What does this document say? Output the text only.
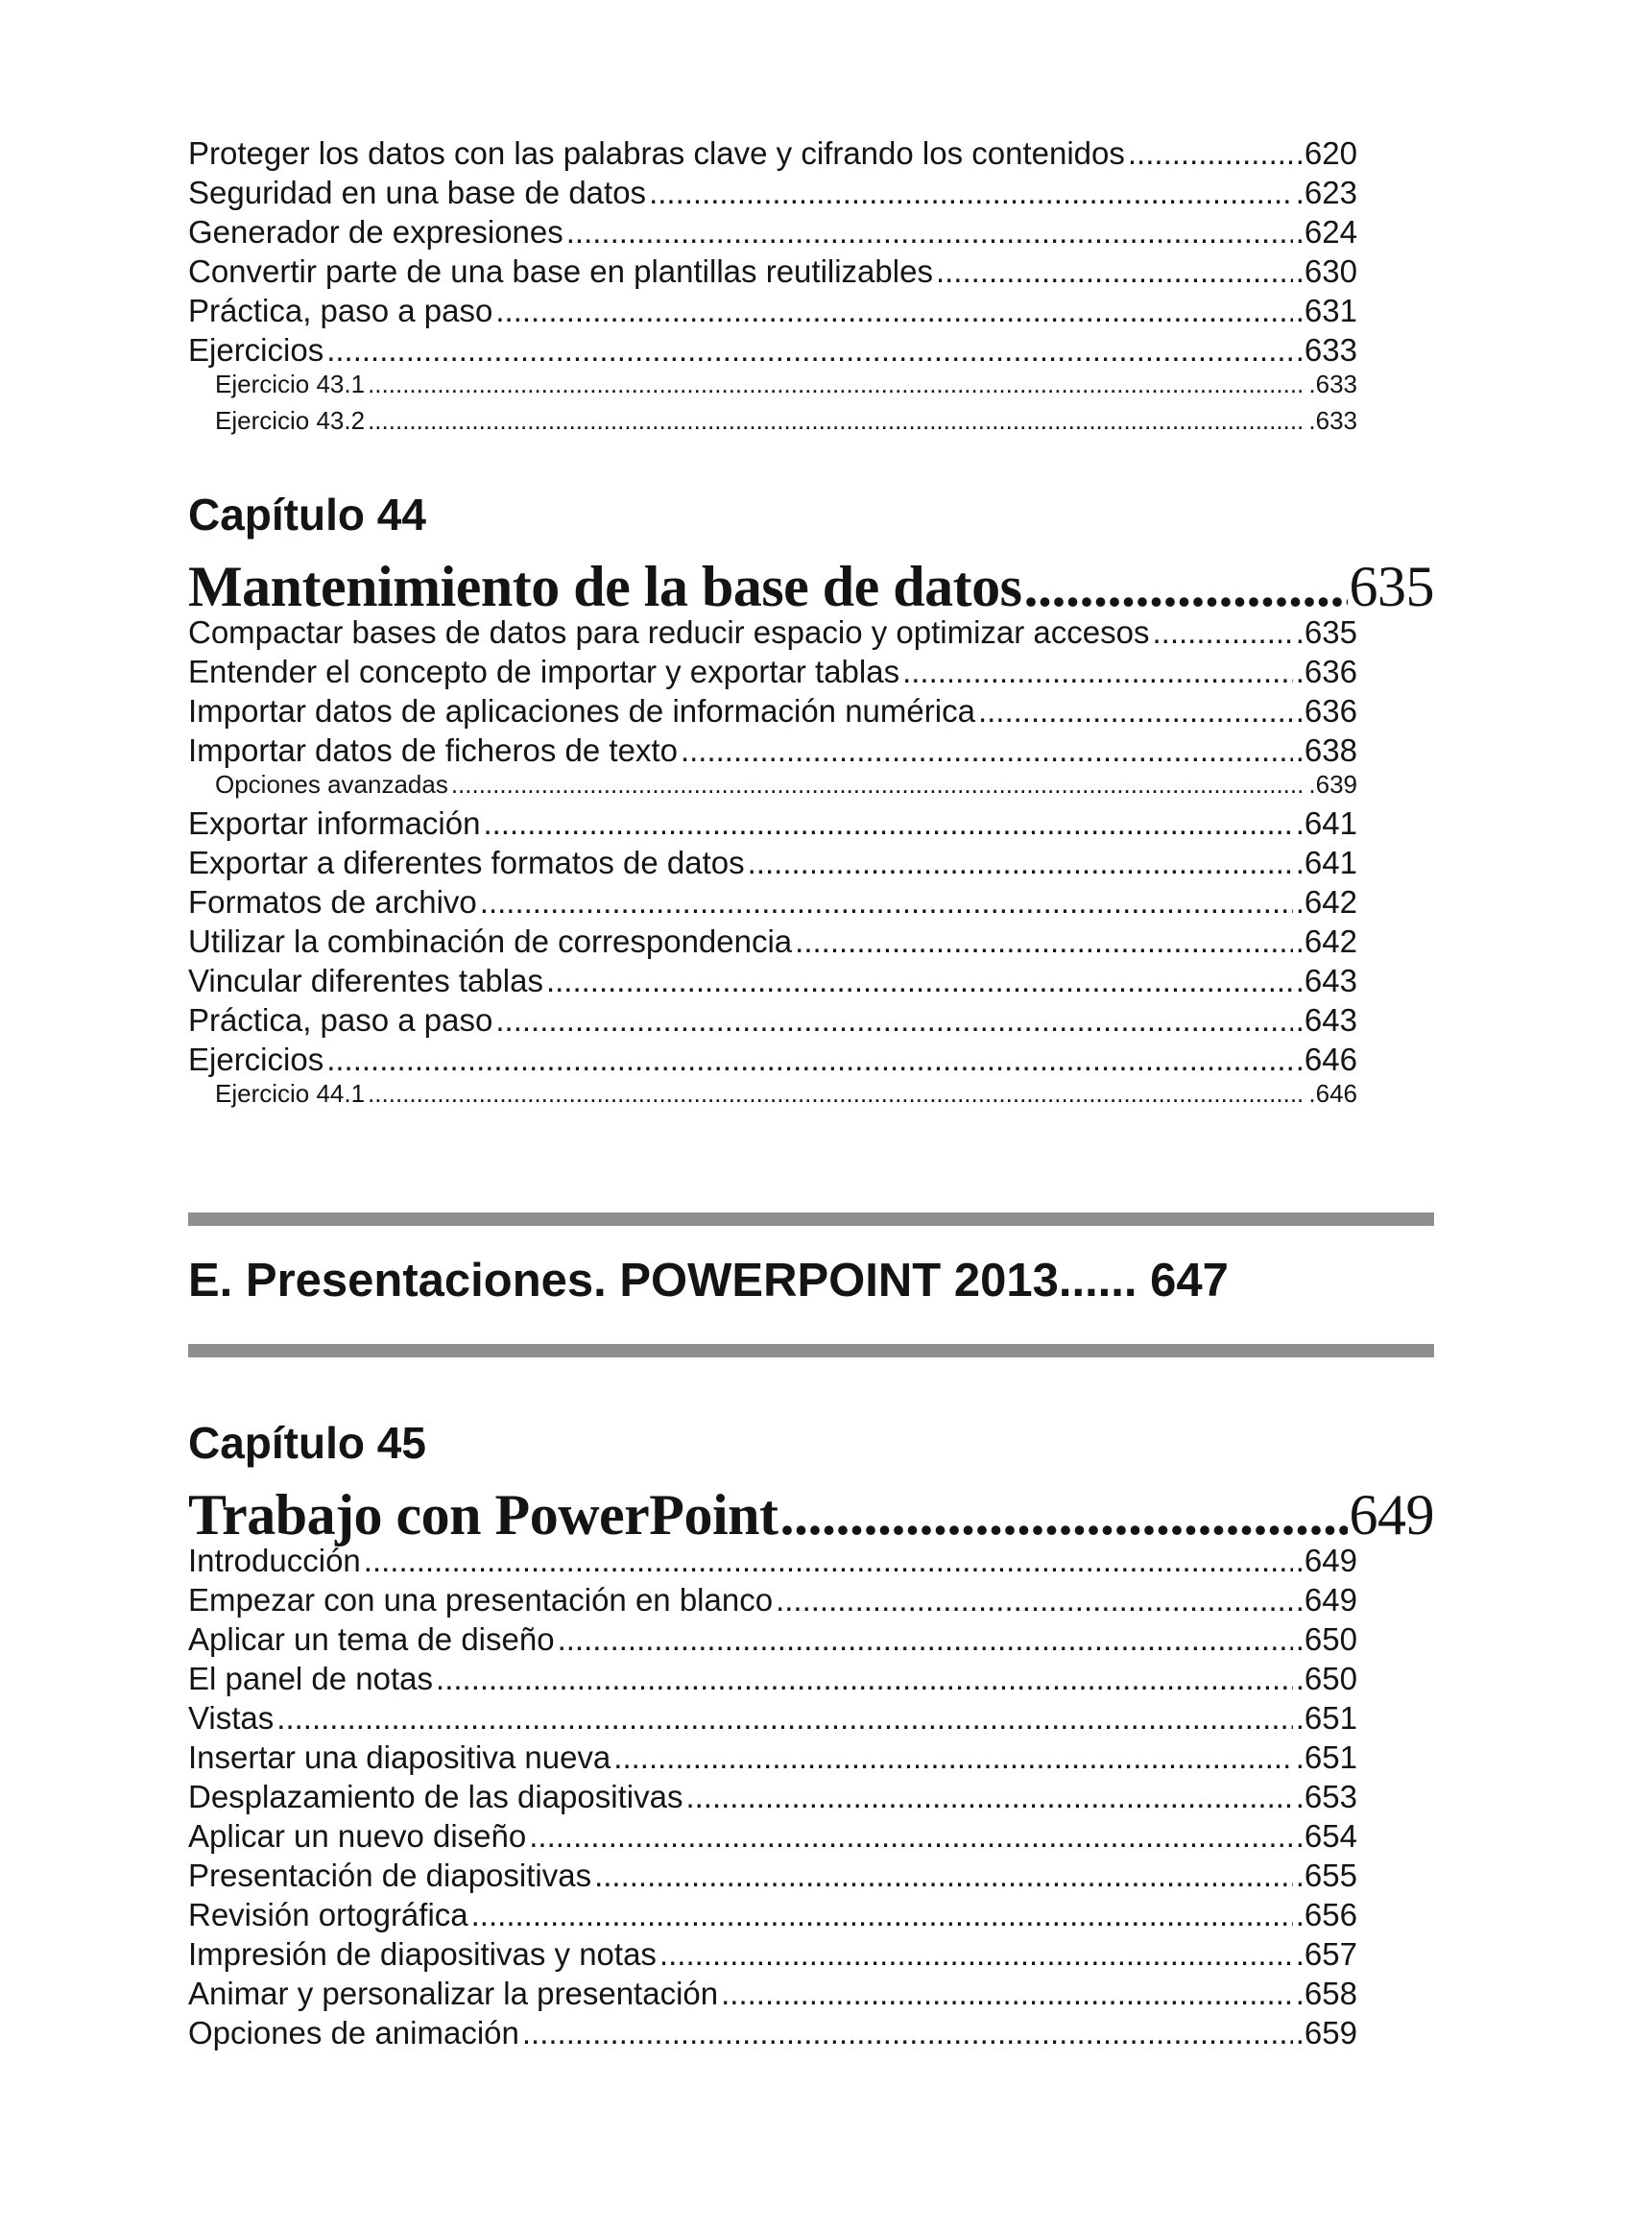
Proteger los datos con las palabras clave y cifrando los contenidos .....	.620
Seguridad en una base de datos .....	.623
Generador de expresiones .....	.624
Convertir parte de una base en plantillas reutilizables .....	.630
Práctica, paso a paso .....	.631
Ejercicios .....	.633
Ejercicio 43.1 .....	.633
Ejercicio 43.2 .....	.633
Capítulo 44
Mantenimiento de la base de datos .....	635
Compactar bases de datos para reducir espacio y optimizar accesos .....	.635
Entender el concepto de importar y exportar tablas .....	.636
Importar datos de aplicaciones de información numérica .....	.636
Importar datos de ficheros de texto .....	.638
Opciones avanzadas .....	.639
Exportar información .....	.641
Exportar a diferentes formatos de datos .....	.641
Formatos de archivo .....	.642
Utilizar la combinación de correspondencia .....	.642
Vincular diferentes tablas .....	.643
Práctica, paso a paso .....	.643
Ejercicios .....	.646
Ejercicio 44.1 .....	.646
E. Presentaciones. POWERPOINT 2013...... 647
Capítulo 45
Trabajo con PowerPoint .....	649
Introducción .....	.649
Empezar con una presentación en blanco .....	.649
Aplicar un tema de diseño .....	.650
El panel de notas .....	.650
Vistas .....	.651
Insertar una diapositiva nueva .....	.651
Desplazamiento de las diapositivas .....	.653
Aplicar un nuevo diseño .....	.654
Presentación de diapositivas .....	.655
Revisión ortográfica .....	.656
Impresión de diapositivas y notas .....	.657
Animar y personalizar la presentación .....	.658
Opciones de animación .....	.659
